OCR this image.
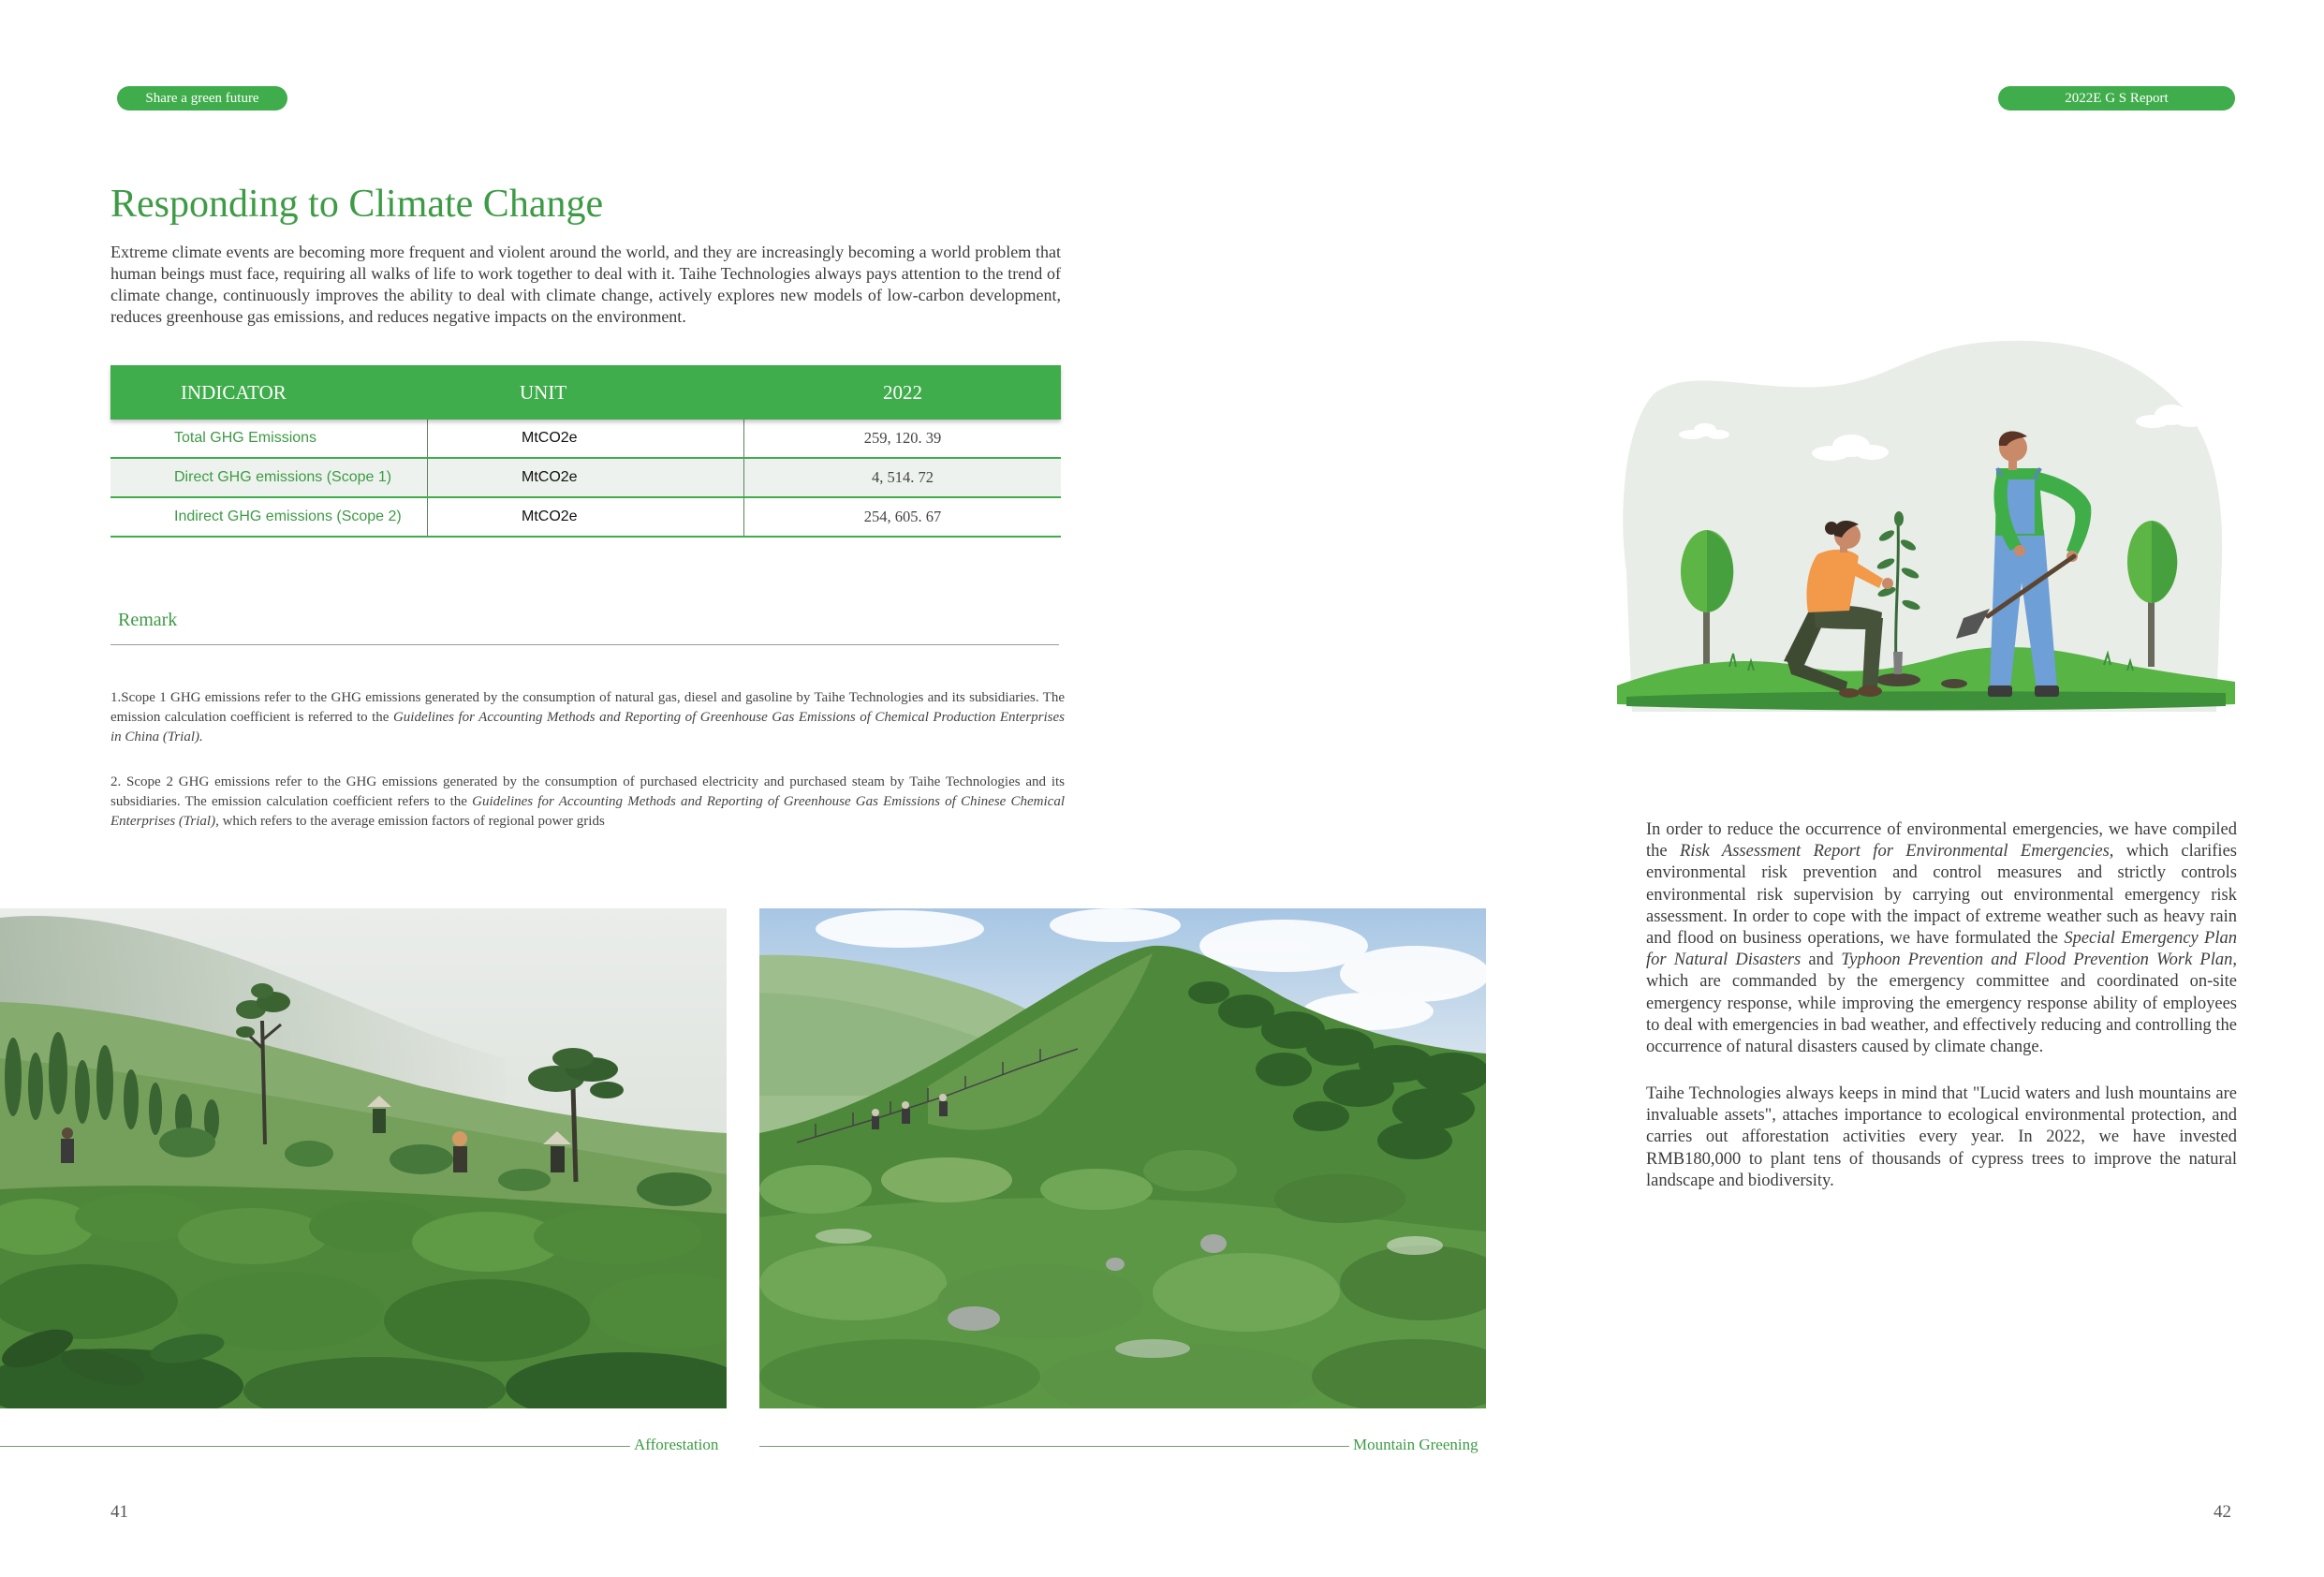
Share a green future	2022E G S Report
Responding to Climate Change

Extreme climate events are becoming more frequent and violent around the world, and they are increasingly becoming a world problem that human beings must face, requiring all walks of life to work together to deal with it. Taihe Technologies always pays attention to the trend of climate change, continuously improves the ability to deal with climate change, actively explores new models of low-carbon development, reduces greenhouse gas emissions, and reduces negative impacts on the environment.

INDICATOR	UNIT	2022
Total GHG Emissions	MtCO2e	259, 120. 39
Direct GHG emissions (Scope 1)	MtCO2e	4, 514. 72
Indirect GHG emissions (Scope 2)	MtCO2e	254, 605. 67
Remark

1.Scope 1 GHG emissions refer to the GHG emissions generated by the consumption of natural gas, diesel and gasoline by Taihe Technologies and its subsidiaries. The emission calculation coefficient is referred to the Guidelines for Accounting Methods and Reporting of Greenhouse Gas Emissions of Chemical Production Enterprises in China (Trial).

2. Scope 2 GHG emissions refer to the GHG emissions generated by the consumption of purchased electricity and purchased steam by Taihe Technologies and its subsidiaries. The emission calculation coefficient refers to the Guidelines for Accounting Methods and Reporting of Greenhouse Gas Emissions of Chinese Chemical Enterprises (Trial), which refers to the average emission factors of regional power grids	In order to reduce the occurrence of environmental emergencies, we have compiled the Risk Assessment Report for Environmental Emergencies, which clarifies environmental risk prevention and control measures and strictly controls environmental risk supervision by carrying out environmental emergency risk assessment. In order to cope with the impact of extreme weather such as heavy rain and flood on business operations, we have formulated the Special Emergency Plan for Natural Disasters and Typhoon Prevention and Flood Prevention Work Plan, which are commanded by the emergency committee and coordinated on-site emergency response, while improving the emergency response ability of employees to deal with emergencies in bad weather, and effectively reducing and controlling the occurrence of natural disasters caused by climate change.

Taihe Technologies always keeps in mind that "Lucid waters and lush mountains are invaluable assets", attaches importance to ecological environmental protection, and carries out afforestation activities every year. In 2022, we have invested RMB180,000 to plant tens of thousands of cypress trees to improve the natural landscape and biodiversity.

Afforestation	Mountain Greening
41	42
